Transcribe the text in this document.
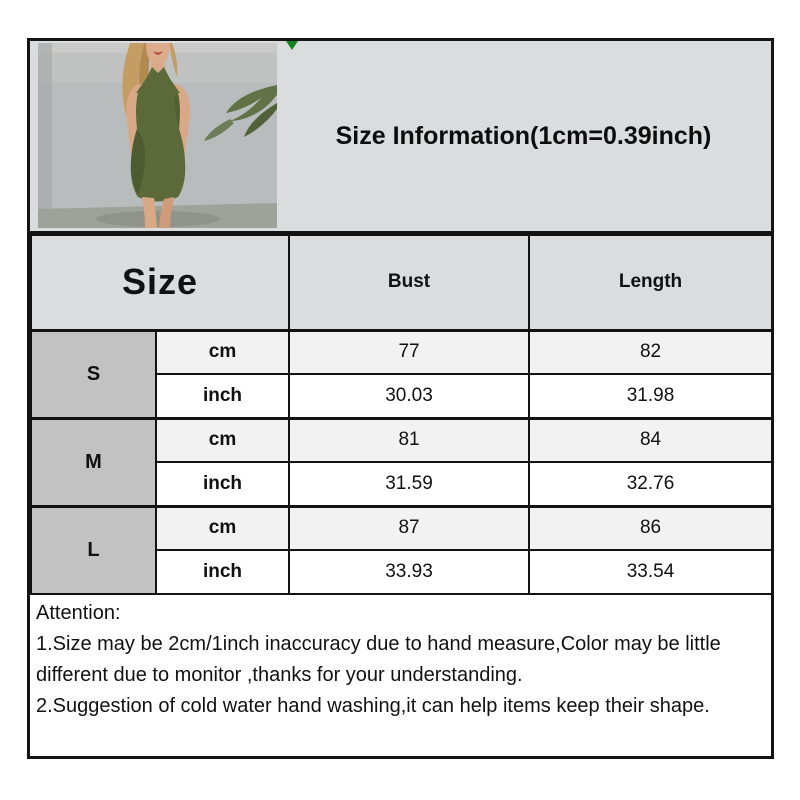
Size Information(1cm=0.39inch)
Size		Bust	Length
S	cm	77	82
	inch	30.03	31.98
M	cm	81	84
	inch	31.59	32.76
L	cm	87	86
	inch	33.93	33.54

Attention:

1.Size may be 2cm/1inch inaccuracy due to hand measure,Color may be little different due to monitor ,thanks for your understanding.

2.Suggestion of cold water hand washing,it can help items keep their shape.
